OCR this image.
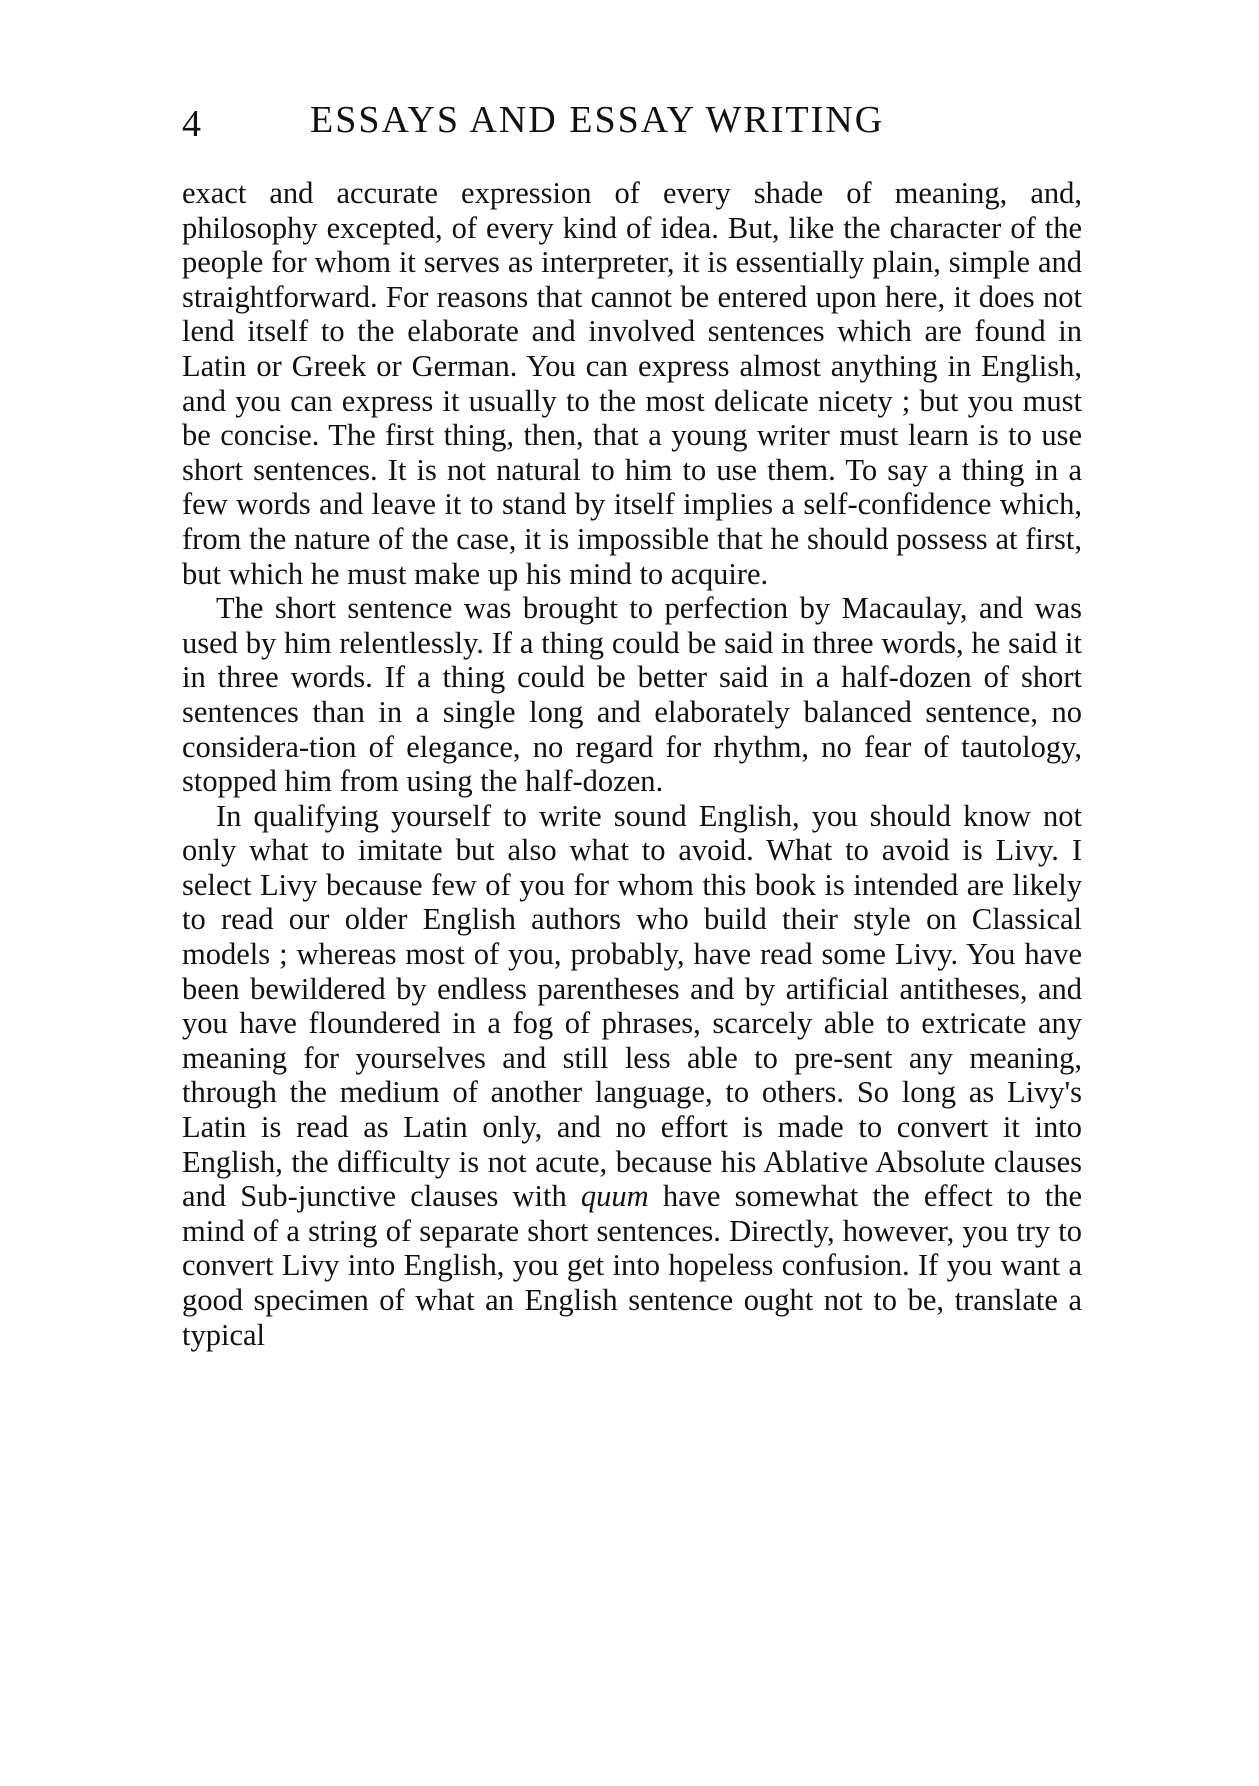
4	ESSAYS AND ESSAY WRITING

exact and accurate expression of every shade of meaning, and, philosophy excepted, of every kind of idea. But, like the character of the people for whom it serves as interpreter, it is essentially plain, simple and straightforward. For reasons that cannot be entered upon here, it does not lend itself to the elaborate and involved sentences which are found in Latin or Greek or German. You can express almost anything in English, and you can express it usually to the most delicate nicety ; but you must be concise. The first thing, then, that a young writer must learn is to use short sentences. It is not natural to him to use them. To say a thing in a few words and leave it to stand by itself implies a self-confidence which, from the nature of the case, it is impossible that he should possess at first, but which he must make up his mind to acquire.

The short sentence was brought to perfection by Macaulay, and was used by him relentlessly. If a thing could be said in three words, he said it in three words. If a thing could be better said in a half-dozen of short sentences than in a single long and elaborately balanced sentence, no considera-tion of elegance, no regard for rhythm, no fear of tautology, stopped him from using the half-dozen.

In qualifying yourself to write sound English, you should know not only what to imitate but also what to avoid. What to avoid is Livy. I select Livy because few of you for whom this book is intended are likely to read our older English authors who build their style on Classical models ; whereas most of you, probably, have read some Livy. You have been bewildered by endless parentheses and by artificial antitheses, and you have floundered in a fog of phrases, scarcely able to extricate any meaning for yourselves and still less able to pre-sent any meaning, through the medium of another language, to others. So long as Livy's Latin is read as Latin only, and no effort is made to convert it into English, the difficulty is not acute, because his Ablative Absolute clauses and Sub-junctive clauses with quum have somewhat the effect to the mind of a string of separate short sentences. Directly, however, you try to convert Livy into English, you get into hopeless confusion. If you want a good specimen of what an English sentence ought not to be, translate a typical
